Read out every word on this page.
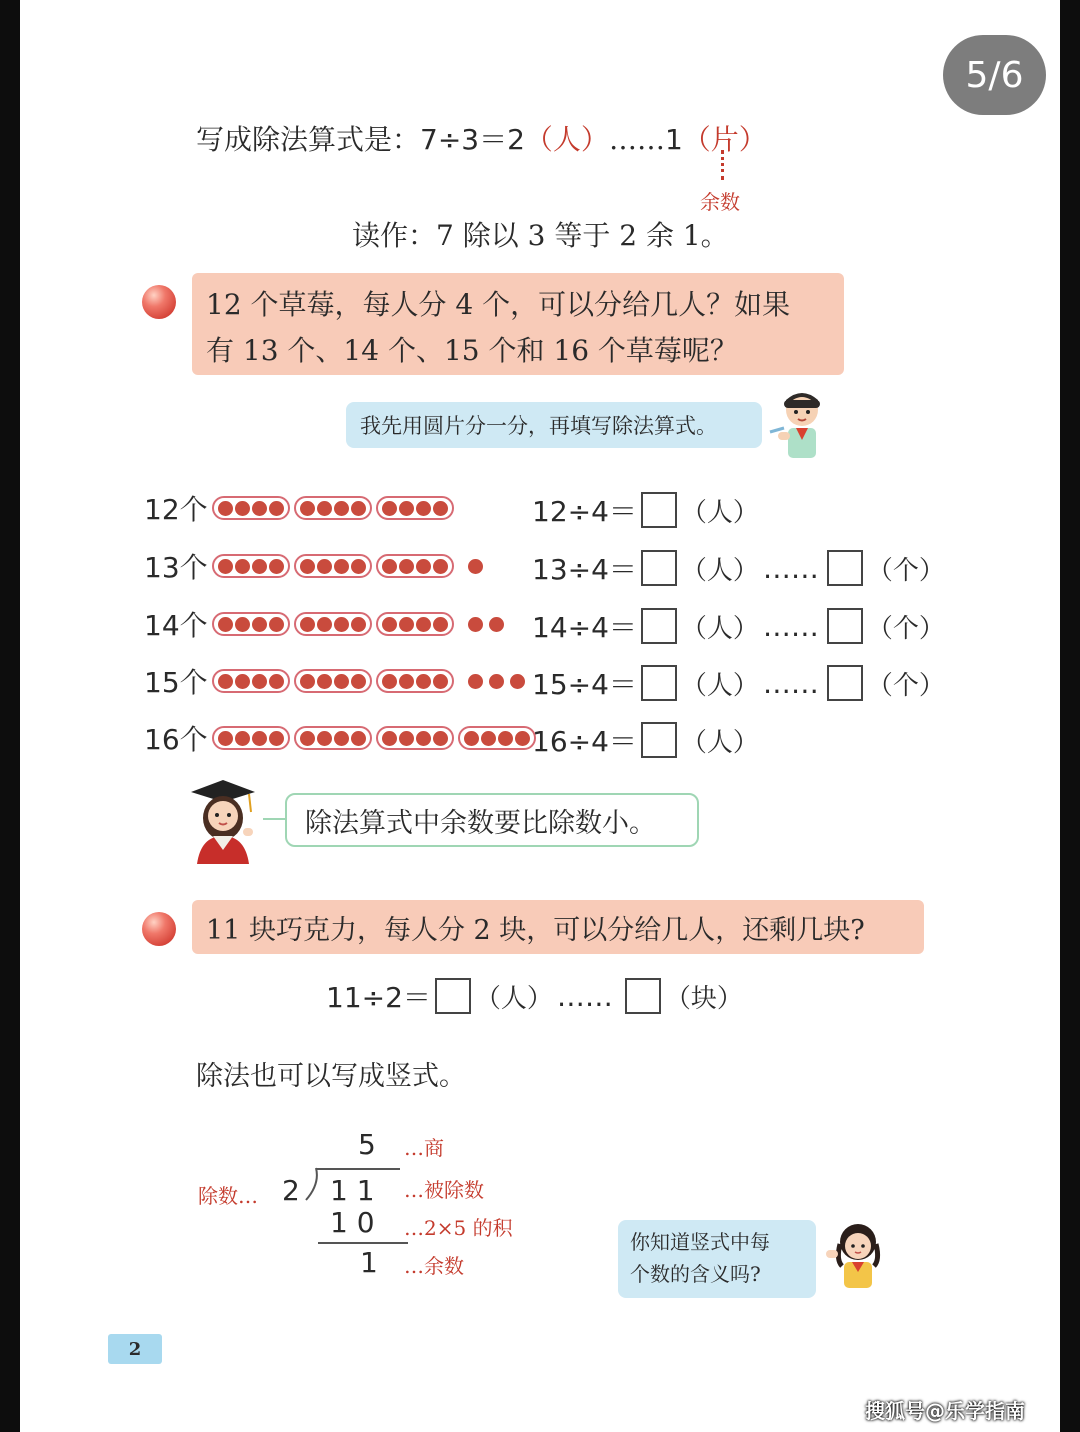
5/6
写成除法算式是： 7÷3＝2 （人） …… 1 （片）
余数
读作：7 除以 3 等于 2 余 1。
12 个草莓，每人分 4 个，可以分给几人？如果
有 13 个、14 个、15 个和 16 个草莓呢？
我先用圆片分一分，再填写除法算式。
12个	12÷4＝ （人）
13个	13÷4＝ （人） …… （个）
14个	14÷4＝ （人） …… （个）
15个	15÷4＝ （人） …… （个）
16个	16÷4＝ （人）
除法算式中余数要比除数小。
11 块巧克力，每人分 2 块，可以分给几人，还剩几块?
11÷2＝ （人） …… （块）
除法也可以写成竖式。
5 …商
除数… 2 1 1 …被除数
1 0 …2×5 的积
1 …余数
你知道竖式中每
个数的含义吗?
2
搜狐号@乐学指南
